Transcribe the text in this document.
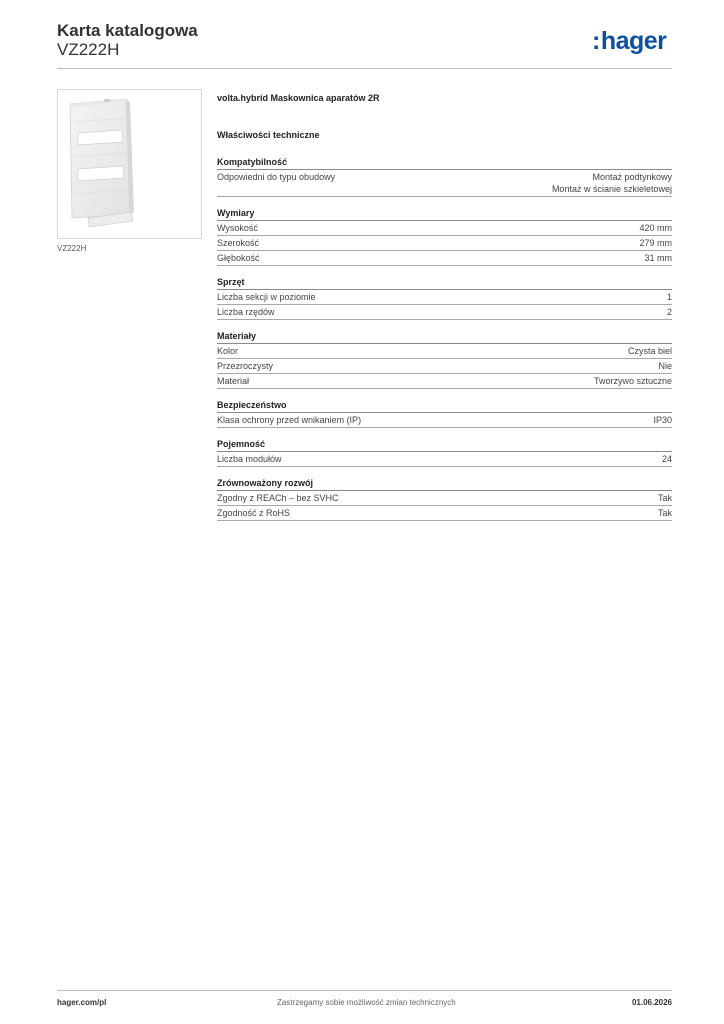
Karta katalogowa
VZ222H	:hager
VZ222H
volta.hybrid Maskownica aparatów 2R
Właściwości techniczne
Kompatybilność
Odpowiedni do typu obudowy	Montaż podtynkowy
Montaż w ścianie szkieletowej
Wymiary
Wysokość	420 mm
Szerokość	279 mm
Głębokość	31 mm
Sprzęt
Liczba sekcji w poziomie	1
Liczba rzędów	2
Materiały
Kolor	Czysta biel
Przezroczysty	Nie
Materiał	Tworzywo sztuczne
Bezpieczeństwo
Klasa ochrony przed wnikaniem (IP)	IP30
Pojemność
Liczba modułów	24
Zrównoważony rozwój
Zgodny z REACh – bez SVHC	Tak
Zgodność z RoHS	Tak
hager.com/pl	Zastrzegamy sobie możliwość zmian technicznych	01.06.2026
